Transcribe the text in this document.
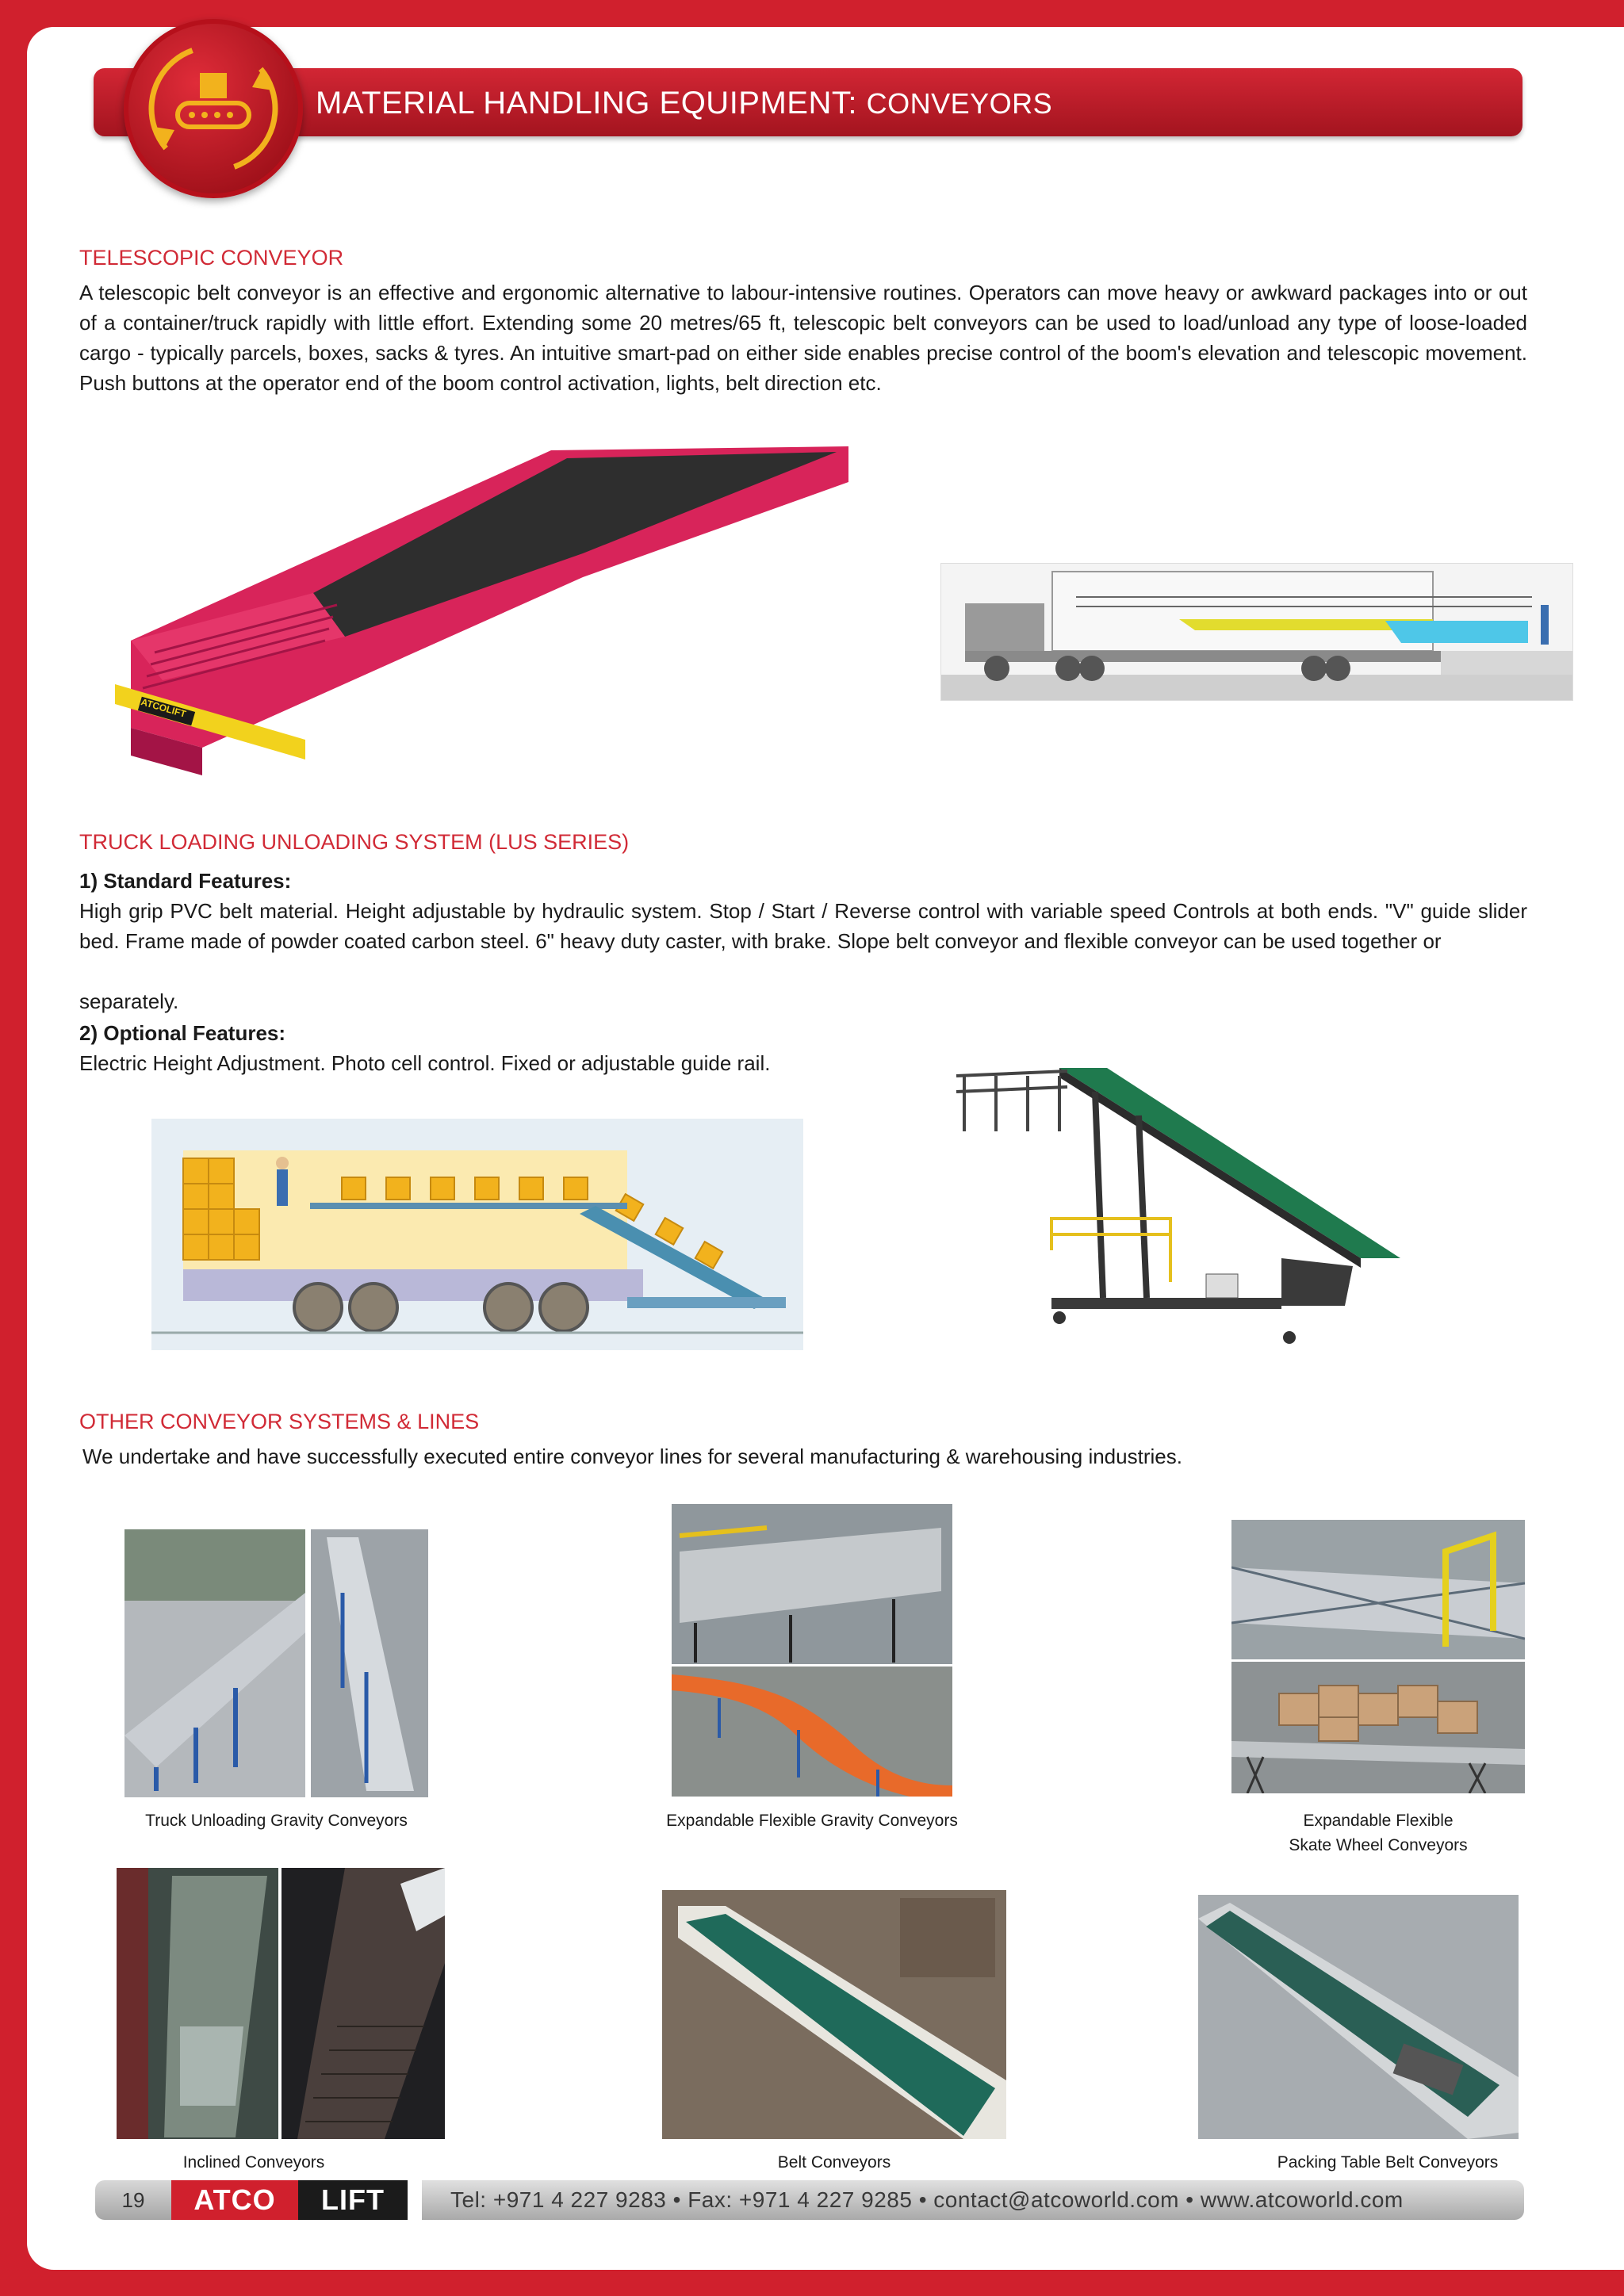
MATERIAL HANDLING EQUIPMENT: CONVEYORS
TELESCOPIC CONVEYOR
A telescopic belt conveyor is an effective and ergonomic alternative to labour-intensive routines. Operators can move heavy or awkward packages into or out of a container/truck rapidly with little effort. Extending some 20 metres/65 ft, telescopic belt conveyors can be used to load/unload any type of loose-loaded cargo - typically parcels, boxes, sacks & tyres. An intuitive smart-pad on either side enables precise control of the boom's elevation and telescopic movement. Push buttons at the operator end of the boom control activation, lights, belt direction etc.
ATCOLIFT
TRUCK LOADING UNLOADING SYSTEM (LUS SERIES)
1) Standard Features:
High grip PVC belt material. Height adjustable by hydraulic system. Stop / Start / Reverse control with variable speed Controls at both ends. "V" guide slider bed. Frame made of powder coated carbon steel. 6" heavy duty caster, with brake. Slope belt conveyor and flexible conveyor can be used together or
separately.
2) Optional Features:
Electric Height Adjustment. Photo cell control. Fixed or adjustable guide rail.
OTHER CONVEYOR SYSTEMS & LINES
We undertake and have successfully executed entire conveyor lines for several manufacturing & warehousing industries.
Truck Unloading Gravity Conveyors	Expandable Flexible Gravity Conveyors	Expandable Flexible
Skate Wheel Conveyors
Inclined Conveyors	Belt Conveyors	Packing Table Belt Conveyors
19	ATCO	LIFT	Tel: +971 4 227 9283 • Fax: +971 4 227 9285 • contact@atcoworld.com • www.atcoworld.com
